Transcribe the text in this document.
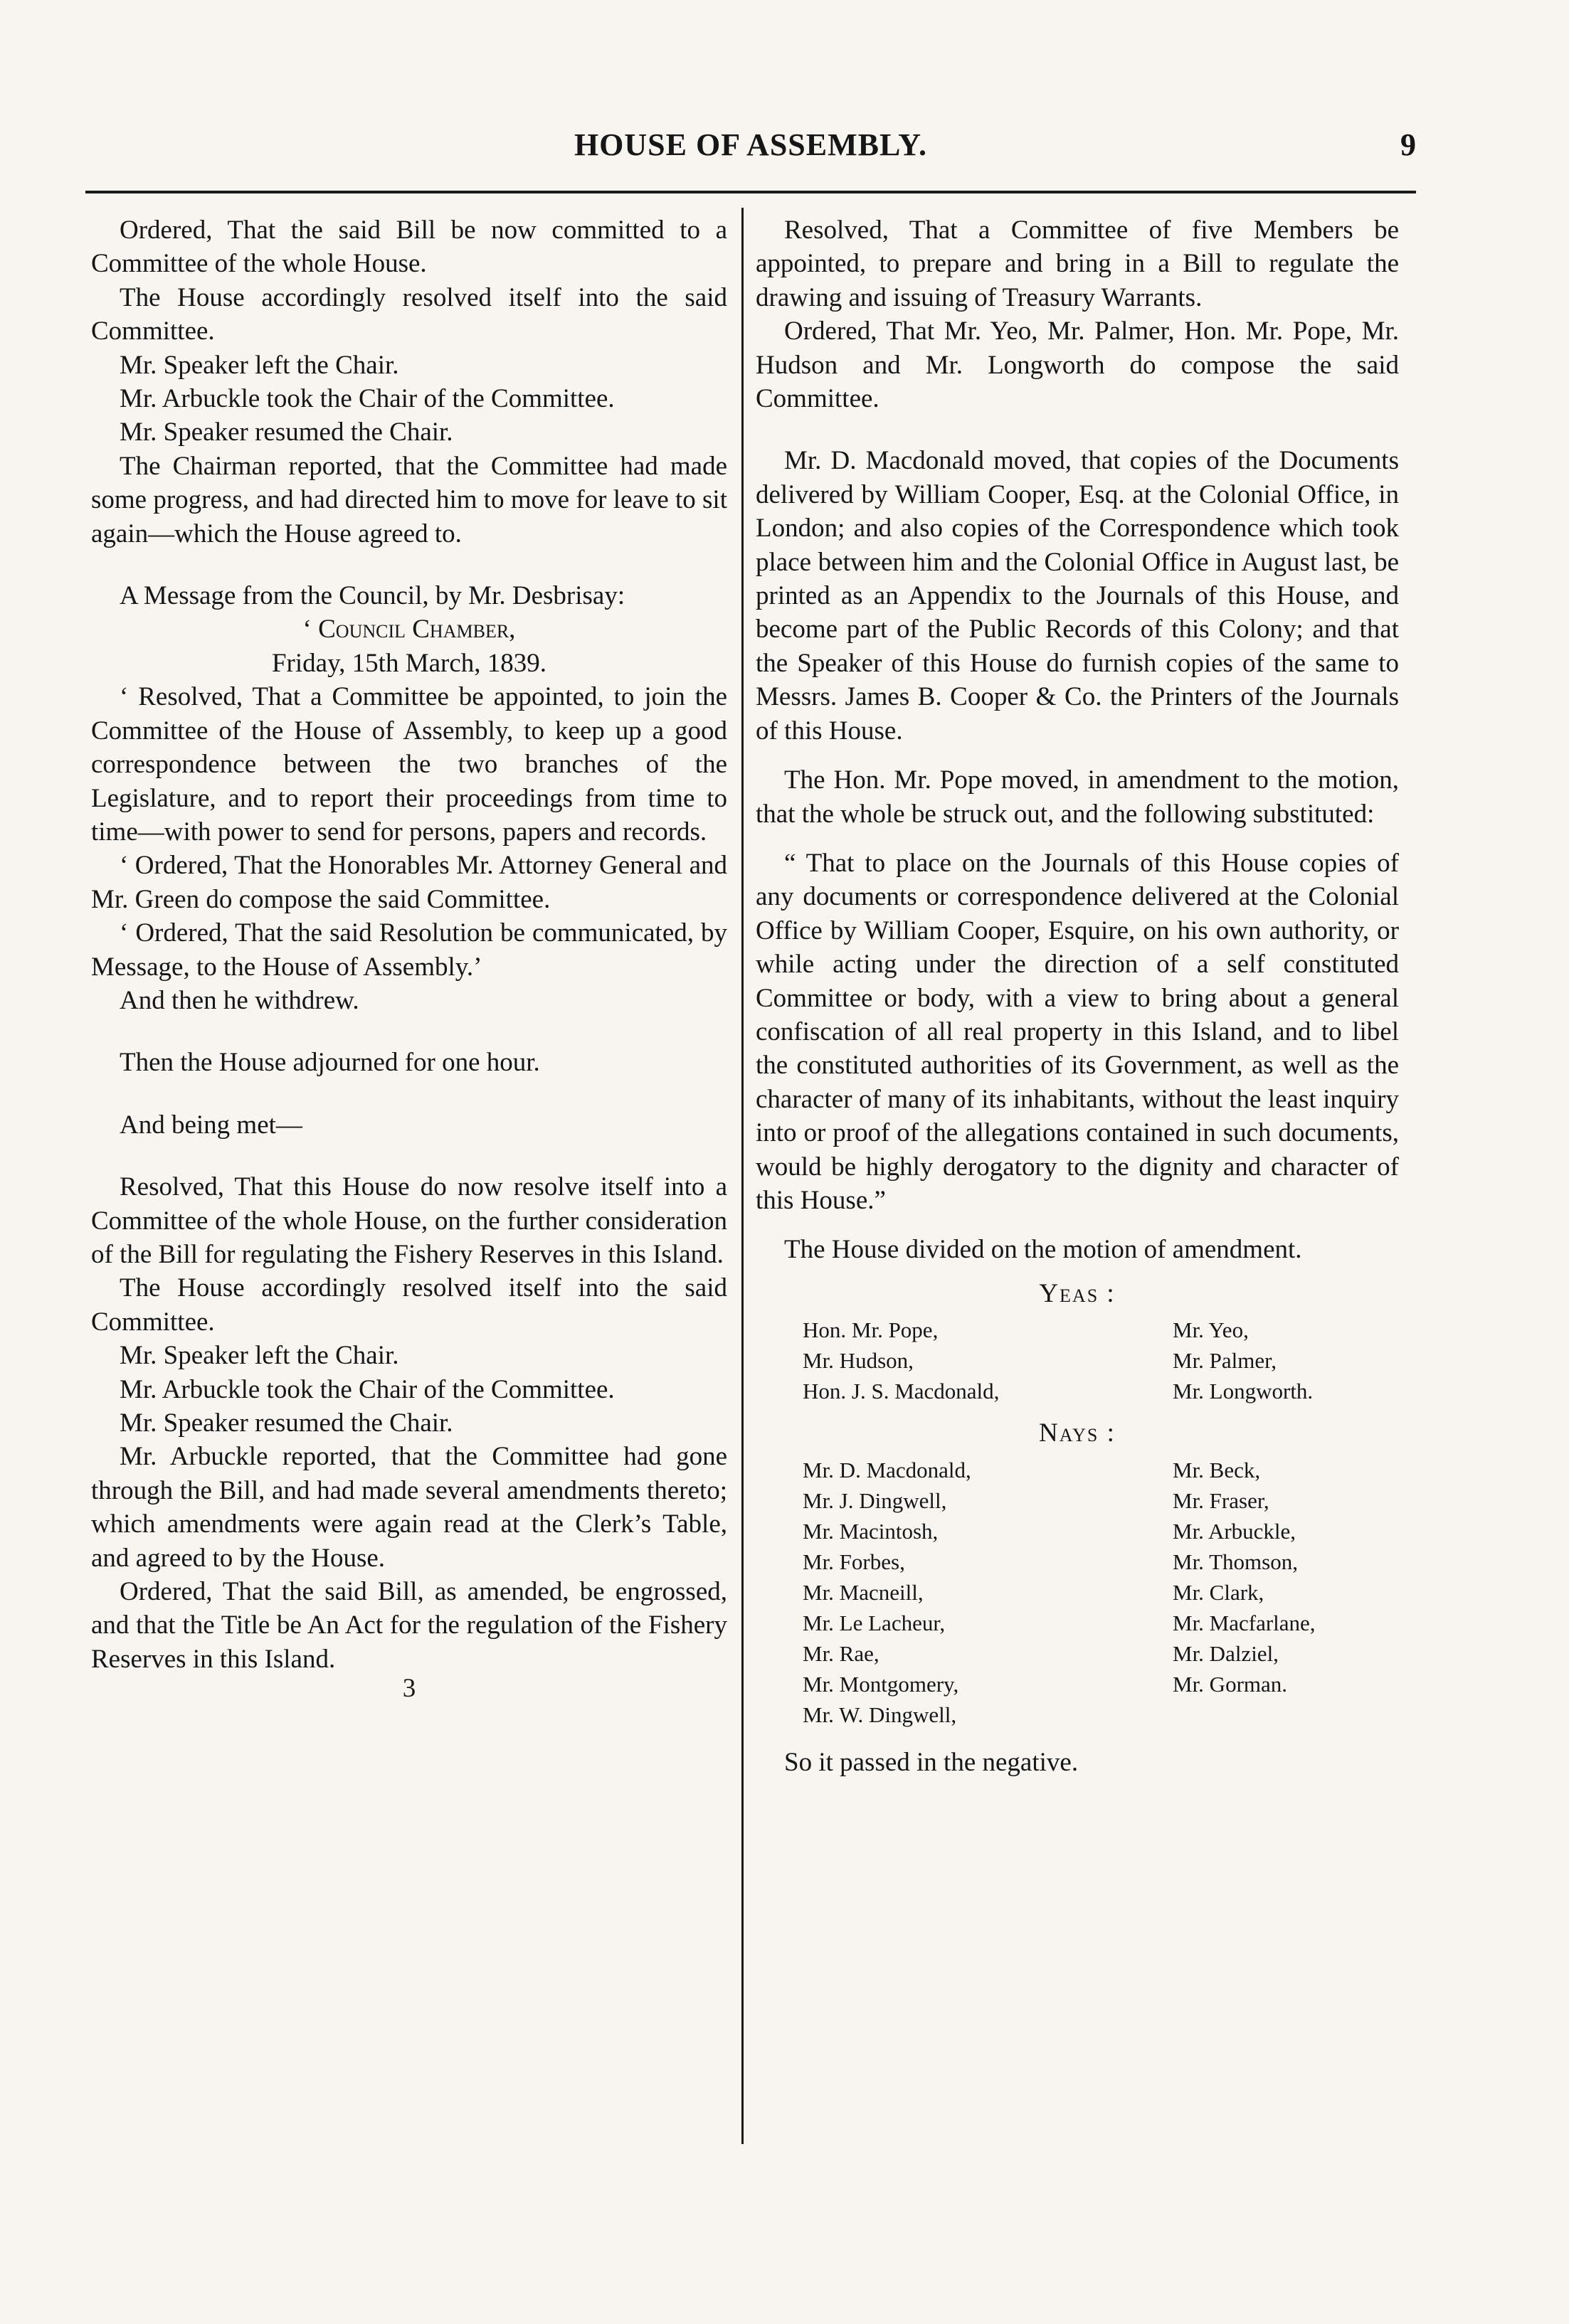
HOUSE OF ASSEMBLY.	9

Ordered, That the said Bill be now committed to a Committee of the whole House.

The House accordingly resolved itself into the said Committee.

Mr. Speaker left the Chair.

Mr. Arbuckle took the Chair of the Committee.

Mr. Speaker resumed the Chair.

The Chairman reported, that the Committee had made some progress, and had directed him to move for leave to sit again—which the House agreed to.

A Message from the Council, by Mr. Desbrisay:

‘ Council Chamber,

Friday, 15th March, 1839.

‘ Resolved, That a Committee be appointed, to join the Committee of the House of Assembly, to keep up a good correspondence between the two branches of the Legislature, and to report their proceedings from time to time—with power to send for persons, papers and records.

‘ Ordered, That the Honorables Mr. Attorney General and Mr. Green do compose the said Committee.

‘ Ordered, That the said Resolution be communicated, by Message, to the House of Assembly.’

And then he withdrew.

Then the House adjourned for one hour.

And being met—

Resolved, That this House do now resolve itself into a Committee of the whole House, on the further consideration of the Bill for regulating the Fishery Reserves in this Island.

The House accordingly resolved itself into the said Committee.

Mr. Speaker left the Chair.

Mr. Arbuckle took the Chair of the Committee.

Mr. Speaker resumed the Chair.

Mr. Arbuckle reported, that the Committee had gone through the Bill, and had made several amendments thereto; which amendments were again read at the Clerk’s Table, and agreed to by the House.

Ordered, That the said Bill, as amended, be engrossed, and that the Title be An Act for the regulation of the Fishery Reserves in this Island.

3

Resolved, That a Committee of five Members be appointed, to prepare and bring in a Bill to regulate the drawing and issuing of Treasury Warrants.

Ordered, That Mr. Yeo, Mr. Palmer, Hon. Mr. Pope, Mr. Hudson and Mr. Longworth do compose the said Committee.

Mr. D. Macdonald moved, that copies of the Documents delivered by William Cooper, Esq. at the Colonial Office, in London; and also copies of the Correspondence which took place between him and the Colonial Office in August last, be printed as an Appendix to the Journals of this House, and become part of the Public Records of this Colony; and that the Speaker of this House do furnish copies of the same to Messrs. James B. Cooper & Co. the Printers of the Journals of this House.

The Hon. Mr. Pope moved, in amendment to the motion, that the whole be struck out, and the following substituted:

“ That to place on the Journals of this House copies of any documents or correspondence delivered at the Colonial Office by William Cooper, Esquire, on his own authority, or while acting under the direction of a self constituted Committee or body, with a view to bring about a general confiscation of all real property in this Island, and to libel the constituted authorities of its Government, as well as the character of many of its inhabitants, without the least inquiry into or proof of the allegations contained in such documents, would be highly derogatory to the dignity and character of this House.”

The House divided on the motion of amendment.

Yeas :

Hon. Mr. Pope,	Mr. Yeo,
Mr. Hudson,	Mr. Palmer,
Hon. J. S. Macdonald,	Mr. Longworth.

Nays :

Mr. D. Macdonald,	Mr. Beck,
Mr. J. Dingwell,	Mr. Fraser,
Mr. Macintosh,	Mr. Arbuckle,
Mr. Forbes,	Mr. Thomson,
Mr. Macneill,	Mr. Clark,
Mr. Le Lacheur,	Mr. Macfarlane,
Mr. Rae,	Mr. Dalziel,
Mr. Montgomery,	Mr. Gorman.
Mr. W. Dingwell,	

So it passed in the negative.
